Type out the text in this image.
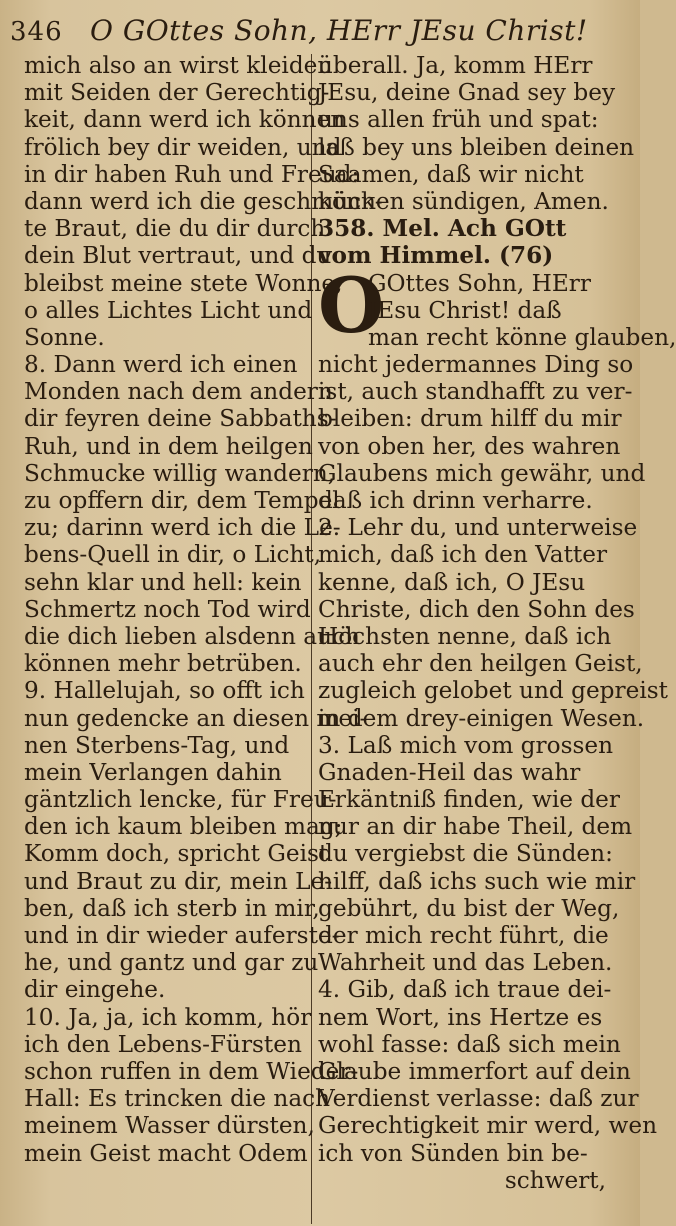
346 O GOttes Sohn, HErr JEsu Christ!
mich also an wirst kleiden
mit Seiden der Gerechtig-
keit, dann werd ich können
frölich bey dir weiden, und
in dir haben Ruh und Freud:
dann werd ich die geschmück-
te Braut, die du dir durch
dein Blut vertraut, und du
bleibst meine stete Wonne,
o alles Lichtes Licht und
Sonne.
8. Dann werd ich einen
Monden nach dem andern
dir feyren deine Sabbaths-
Ruh, und in dem heilgen
Schmucke willig wandern,
zu opffern dir, dem Tempel
zu; darinn werd ich die Le-
bens-Quell in dir, o Licht,
sehn klar und hell: kein
Schmertz noch Tod wird
die dich lieben alsdenn auch
können mehr betrüben.
9. Hallelujah, so offt ich
nun gedencke an diesen mei-
nen Sterbens-Tag, und
mein Verlangen dahin
gäntzlich lencke, für Freu-
den ich kaum bleiben mag;
Komm doch, spricht Geist
und Braut zu dir, mein Le-
ben, daß ich sterb in mir,
und in dir wieder auferste-
he, und gantz und gar zu
dir eingehe.
10. Ja, ja, ich komm, hör
ich den Lebens-Fürsten
schon ruffen in dem Wieder-
Hall: Es trincken die nach
meinem Wasser dürsten,
mein Geist macht Odem
überall. Ja, komm HErr
JEsu, deine Gnad sey bey
uns allen früh und spat:
laß bey uns bleiben deinen
Saamen, daß wir nicht
können sündigen, Amen.
358. Mel. Ach GOtt
vom Himmel. (76)
O
GOttes Sohn, HErr
JEsu Christ! daß
man recht könne glauben,
nicht jedermannes Ding so
ist, auch standhafft zu ver-
bleiben: drum hilff du mir
von oben her, des wahren
Glaubens mich gewähr, und
daß ich drinn verharre.
2. Lehr du, und unterweise
mich, daß ich den Vatter
kenne, daß ich, O JEsu
Christe, dich den Sohn des
Höchsten nenne, daß ich
auch ehr den heilgen Geist,
zugleich gelobet und gepreist
in dem drey-einigen Wesen.
3. Laß mich vom grossen
Gnaden-Heil das wahr
Erkäntniß finden, wie der
nur an dir habe Theil, dem
du vergiebst die Sünden:
hilff, daß ichs such wie mir
gebührt, du bist der Weg,
der mich recht führt, die
Wahrheit und das Leben.
4. Gib, daß ich traue dei-
nem Wort, ins Hertze es
wohl fasse: daß sich mein
Glaube immerfort auf dein
Verdienst verlasse: daß zur
Gerechtigkeit mir werd, wen
ich von Sünden bin be-
schwert,
